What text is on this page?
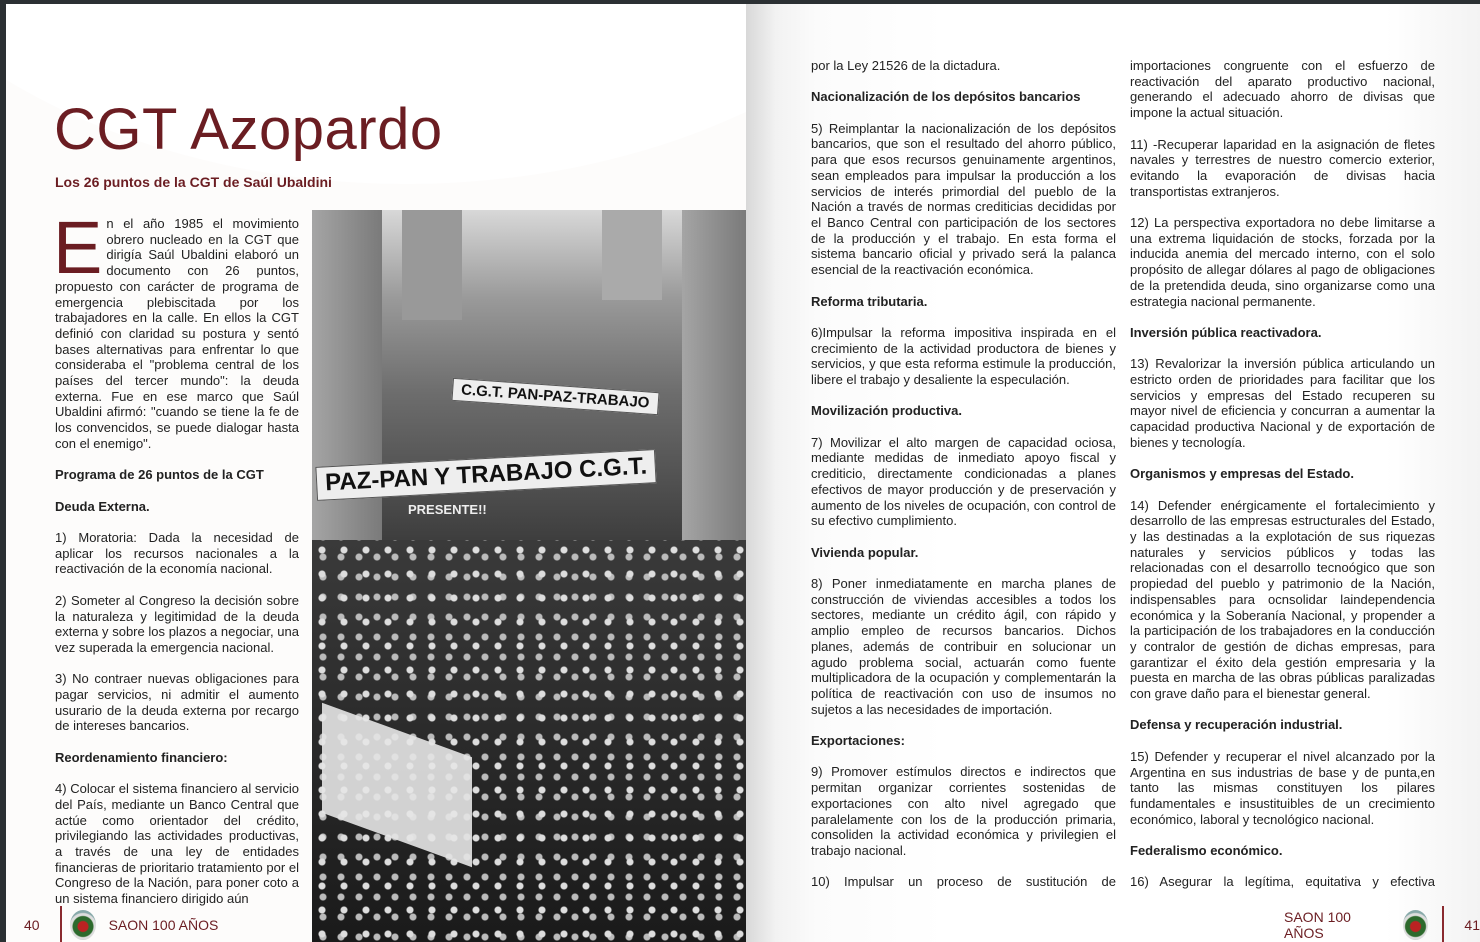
CGT Azopardo
Los 26 puntos de la CGT de Saúl Ubaldini

En el año 1985 el movimiento obrero nucleado en la CGT que dirigía Saúl Ubaldini elaboró un documento con 26 puntos, propuesto con carácter de programa de emergencia plebiscitada por los trabajadores en la calle. En ellos la CGT definió con claridad su postura y sentó bases alternativas para enfrentar lo que consideraba el "problema central de los países del tercer mundo": la deuda externa. Fue en ese marco que Saúl Ubaldini afirmó: "cuando se tiene la fe de los convencidos, se puede dialogar hasta con el enemigo".

Programa de 26 puntos de la CGT
Deuda Externa.

1) Moratoria: Dada la necesidad de aplicar los recursos nacionales a la reactivación de la economía nacional.

2) Someter al Congreso la decisión sobre la naturaleza y legitimidad de la deuda externa y sobre los plazos a negociar, una vez superada la emergencia nacional.

3) No contraer nuevas obligaciones para pagar servicios, ni admitir el aumento usurario de la deuda externa por recargo de intereses bancarios.

Reordenamiento financiero:

4) Colocar el sistema financiero al servicio del País, mediante un Banco Central que actúe como orientador del crédito, privilegiando las actividades productivas, a través de una ley de entidades financieras de prioritario tratamiento por el Congreso de la Nación, para poner coto a un sistema financiero dirigido aún

C.G.T. PAN-PAZ-TRABAJO
PAZ-PAN Y TRABAJO C.G.T.
PRESENTE!!
40	SAON 100 AÑOS

por la Ley 21526 de la dictadura.

Nacionalización de los depósitos bancarios

5) Reimplantar la nacionalización de los depósitos bancarios, que son el resultado del ahorro público, para que esos recursos genuinamente argentinos, sean empleados para impulsar la producción a los servicios de interés primordial del pueblo de la Nación a través de normas crediticias decididas por el Banco Central con participación de los sectores de la producción y el trabajo. En esta forma el sistema bancario oficial y privado será la palanca esencial de la reactivación económica.

Reforma tributaria.

6)Impulsar la reforma impositiva inspirada en el crecimiento de la actividad productora de bienes y servicios, y que esta reforma estimule la producción, libere el trabajo y desaliente la especulación.

Movilización productiva.

7) Movilizar el alto margen de capacidad ociosa, mediante medidas de inmediato apoyo fiscal y crediticio, directamente condicionadas a planes efectivos de mayor producción y de preservación y aumento de los niveles de ocupación, con control de su efectivo cumplimiento.

Vivienda popular.

8) Poner inmediatamente en marcha planes de construcción de viviendas accesibles a todos los sectores, mediante un crédito ágil, con rápido y amplio empleo de recursos bancarios. Dichos planes, además de contribuir en solucionar un agudo problema social, actuarán como fuente multiplicadora de la ocupación y complementarán la política de reactivación con uso de insumos no sujetos a las necesidades de importación.

Exportaciones:

9) Promover estímulos directos e indirectos que permitan organizar corrientes sostenidas de exportaciones con alto nivel agregado que paralelamente con los de la producción primaria, consoliden la actividad económica y privilegien el trabajo nacional.

10) Impulsar un proceso de sustitución de

importaciones congruente con el esfuerzo de reactivación del aparato productivo nacional, generando el adecuado ahorro de divisas que impone la actual situación.

11) -Recuperar laparidad en la asignación de fletes navales y terrestres de nuestro comercio exterior, evitando la evaporación de divisas hacia transportistas extranjeros.

12) La perspectiva exportadora no debe limitarse a una extrema liquidación de stocks, forzada por la inducida anemia del mercado interno, con el solo propósito de allegar dólares al pago de obligaciones de la pretendida deuda, sino organizarse como una estrategia nacional permanente.

Inversión pública reactivadora.

13) Revalorizar la inversión pública articulando un estricto orden de prioridades para facilitar que los servicios y empresas del Estado recuperen su mayor nivel de eficiencia y concurran a aumentar la capacidad productiva Nacional y de exportación de bienes y tecnología.

Organismos y empresas del Estado.

14) Defender enérgicamente el fortalecimiento y desarrollo de las empresas estructurales del Estado, y las destinadas a la explotación de sus riquezas naturales y servicios públicos y todas las relacionadas con el desarrollo tecnoógico que son propiedad del pueblo y patrimonio de la Nación, indispensables para ocnsolidar laindependencia económica y la Soberanía Nacional, y propender a la participación de los trabajadores en la conducción y contralor de gestión de dichas empresas, para garantizar el éxito dela gestión empresaria y la puesta en marcha de las obras públicas paralizadas con grave daño para el bienestar general.

Defensa y recuperación industrial.

15) Defender y recuperar el nivel alcanzado por la Argentina en sus industrias de base y de punta,en tanto las mismas constituyen los pilares fundamentales e insustituibles de un crecimiento económico, laboral y tecnológico nacional.

Federalismo económico.

16) Asegurar la legítima, equitativa y efectiva

SAON 100 AÑOS	41
